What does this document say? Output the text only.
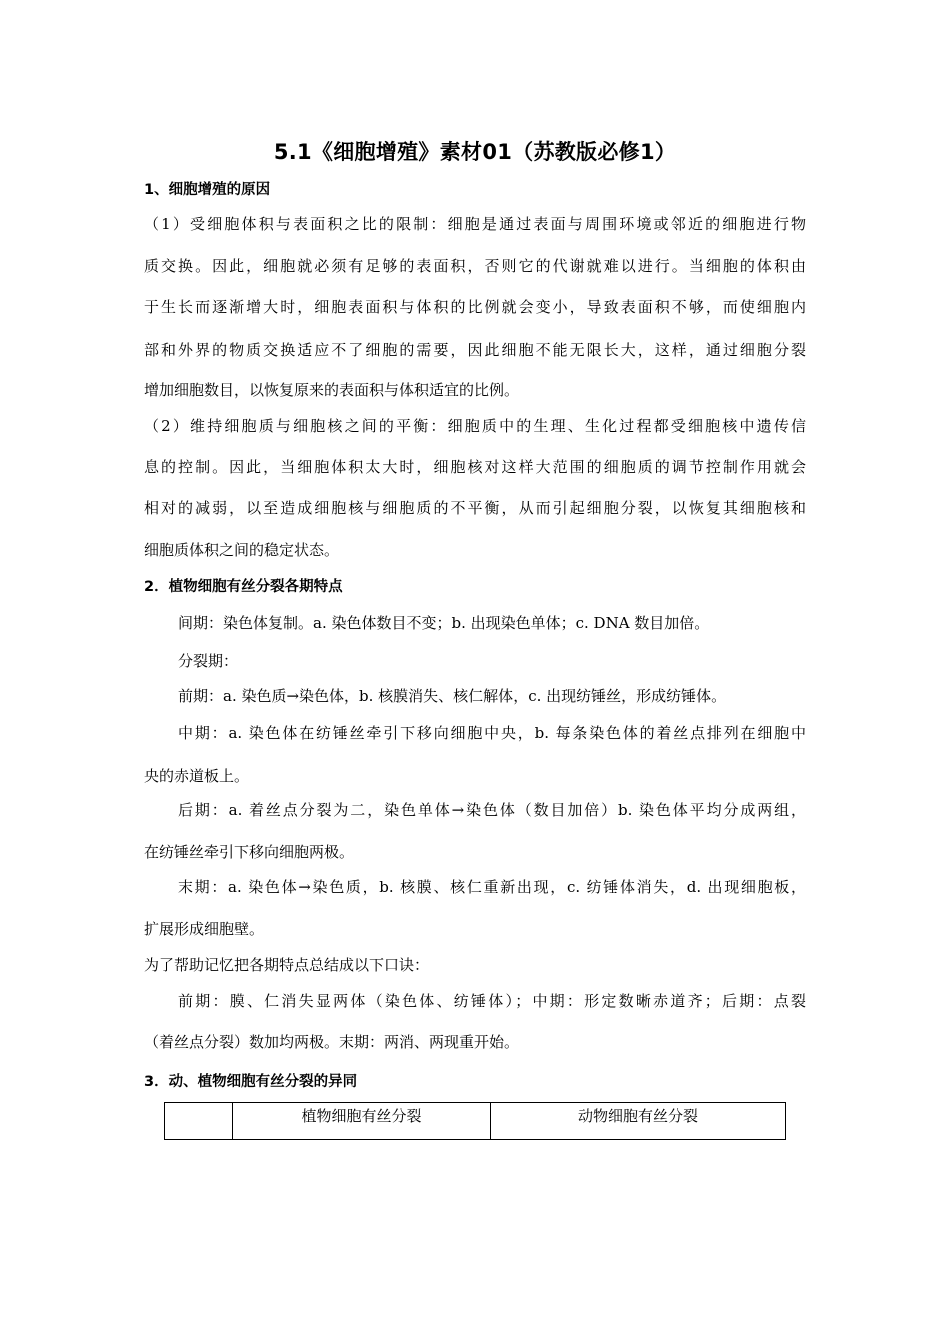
5.1《细胞增殖》素材01（苏教版必修1）
1、细胞增殖的原因
（1）受细胞体积与表面积之比的限制：细胞是通过表面与周围环境或邻近的细胞进行物
质交换。因此，细胞就必须有足够的表面积，否则它的代谢就难以进行。当细胞的体积由
于生长而逐渐增大时，细胞表面积与体积的比例就会变小，导致表面积不够，而使细胞内
部和外界的物质交换适应不了细胞的需要，因此细胞不能无限长大，这样，通过细胞分裂
增加细胞数目，以恢复原来的表面积与体积适宜的比例。
（2）维持细胞质与细胞核之间的平衡：细胞质中的生理、生化过程都受细胞核中遗传信
息的控制。因此，当细胞体积太大时，细胞核对这样大范围的细胞质的调节控制作用就会
相对的减弱，以至造成细胞核与细胞质的不平衡，从而引起细胞分裂，以恢复其细胞核和
细胞质体积之间的稳定状态。
2．植物细胞有丝分裂各期特点
间期：染色体复制。a. 染色体数目不变；b. 出现染色单体；c. DNA 数目加倍。
分裂期：
前期：a. 染色质→染色体，b. 核膜消失、核仁解体，c. 出现纺锤丝，形成纺锤体。
中期：a. 染色体在纺锤丝牵引下移向细胞中央，b. 每条染色体的着丝点排列在细胞中
央的赤道板上。
后期：a. 着丝点分裂为二，染色单体→染色体（数目加倍）b. 染色体平均分成两组，
在纺锤丝牵引下移向细胞两极。
末期：a. 染色体→染色质，b. 核膜、核仁重新出现，c. 纺锤体消失，d. 出现细胞板，
扩展形成细胞壁。
为了帮助记忆把各期特点总结成以下口诀：
前期：膜、仁消失显两体（染色体、纺锤体）；中期：形定数晰赤道齐；后期：点裂
（着丝点分裂）数加均两极。末期：两消、两现重开始。
3．动、植物细胞有丝分裂的异同
植物细胞有丝分裂	动物细胞有丝分裂
